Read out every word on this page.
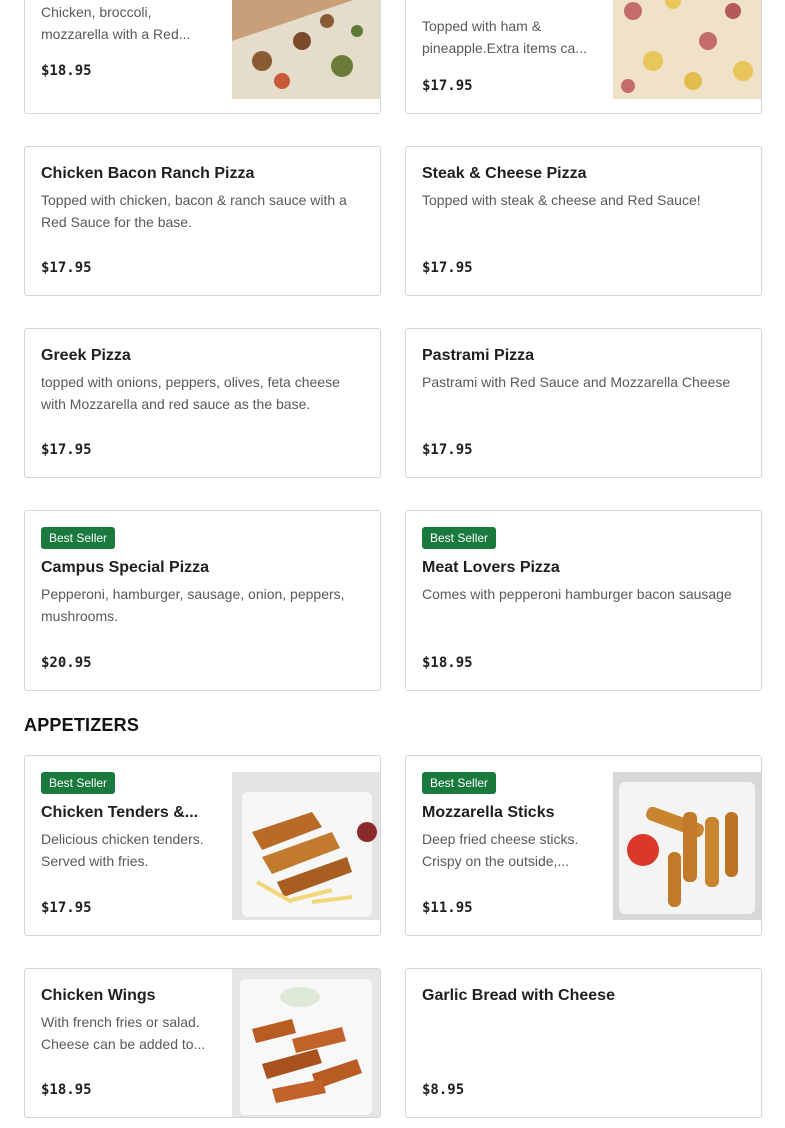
Chicken, broccoli, mozzarella with a Red...
$18.95
Topped with ham & pineapple.Extra items ca...
$17.95
Chicken Bacon Ranch Pizza
Topped with chicken, bacon & ranch sauce with a Red Sauce for the base.
$17.95
Steak & Cheese Pizza
Topped with steak & cheese and Red Sauce!
$17.95
Greek Pizza
topped with onions, peppers, olives, feta cheese with Mozzarella and red sauce as the base.
$17.95
Pastrami Pizza
Pastrami with Red Sauce and Mozzarella Cheese
$17.95
Best Seller
Campus Special Pizza
Pepperoni, hamburger, sausage, onion, peppers, mushrooms.
$20.95
Best Seller
Meat Lovers Pizza
Comes with pepperoni hamburger bacon sausage
$18.95
APPETIZERS
Best Seller
Chicken Tenders &...
Delicious chicken tenders. Served with fries.
$17.95
Best Seller
Mozzarella Sticks
Deep fried cheese sticks. Crispy on the outside,...
$11.95
Chicken Wings
With french fries or salad. Cheese can be added to...
$18.95
Garlic Bread with Cheese
$8.95
